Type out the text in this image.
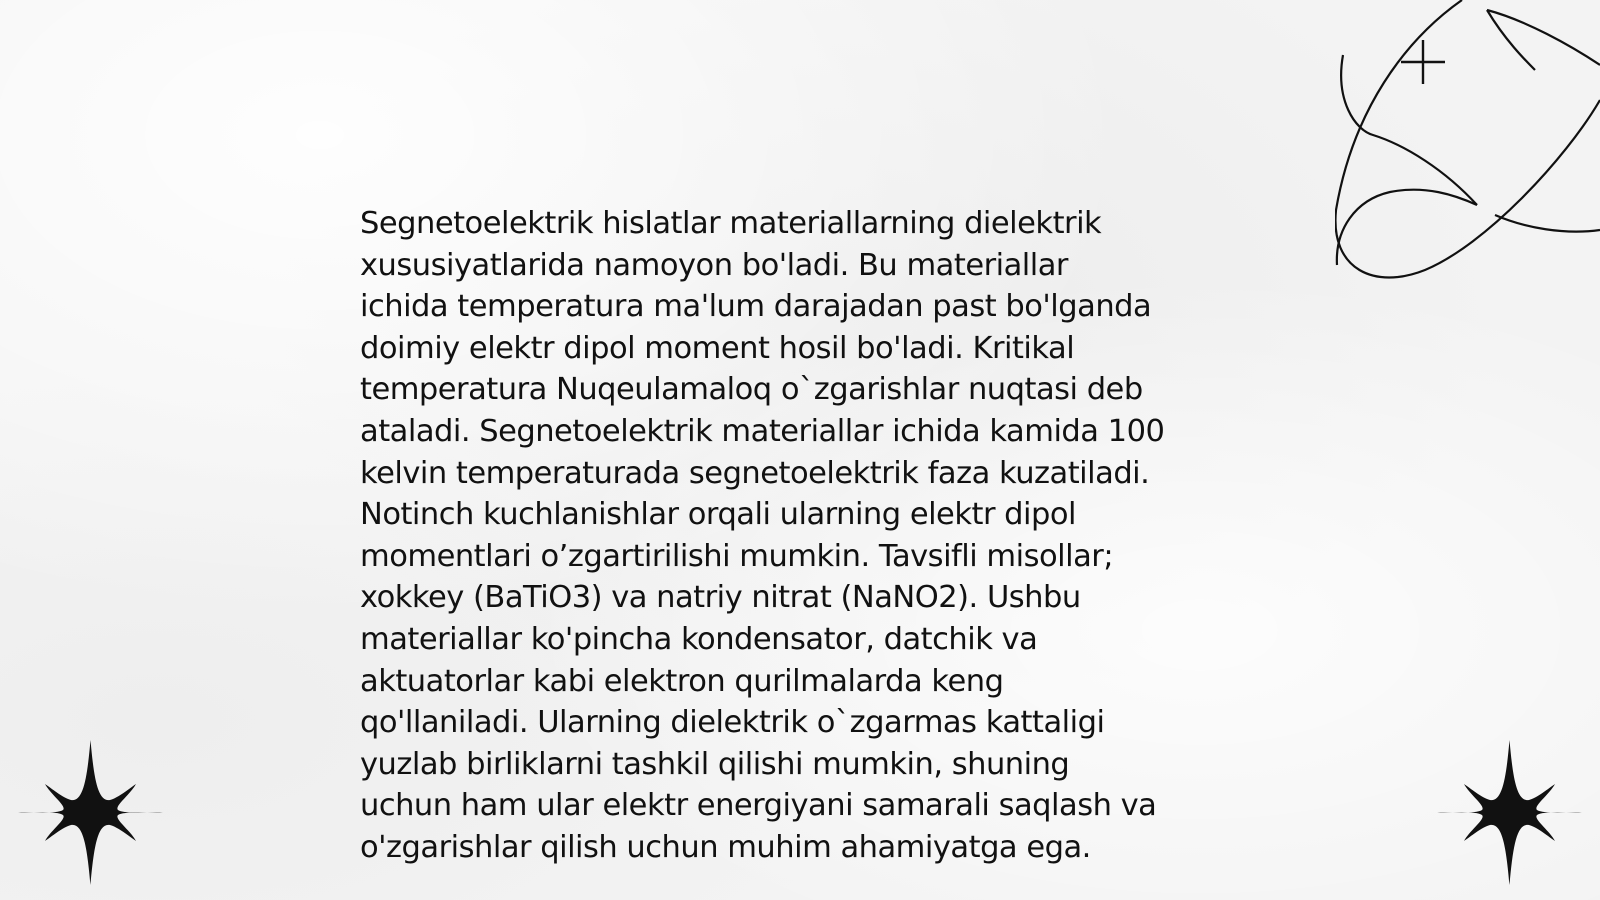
Segnetoelektrik hislatlar materiallarning dielektrik
xususiyatlarida namoyon bo'ladi. Bu materiallar
ichida temperatura ma'lum darajadan past bo'lganda
doimiy elektr dipol moment hosil bo'ladi. Kritikal
temperatura Nuqeulamaloq o`zgarishlar nuqtasi deb
ataladi. Segnetoelektrik materiallar ichida kamida 100
kelvin temperaturada segnetoelektrik faza kuzatiladi.
Notinch kuchlanishlar orqali ularning elektr dipol
momentlari o’zgartirilishi mumkin. Tavsifli misollar;
xokkey (BaTiO3) va natriy nitrat (NaNO2). Ushbu
materiallar ko'pincha kondensator, datchik va
aktuatorlar kabi elektron qurilmalarda keng
qo'llaniladi. Ularning dielektrik o`zgarmas kattaligi
yuzlab birliklarni tashkil qilishi mumkin, shuning
uchun ham ular elektr energiyani samarali saqlash va
o'zgarishlar qilish uchun muhim ahamiyatga ega.
